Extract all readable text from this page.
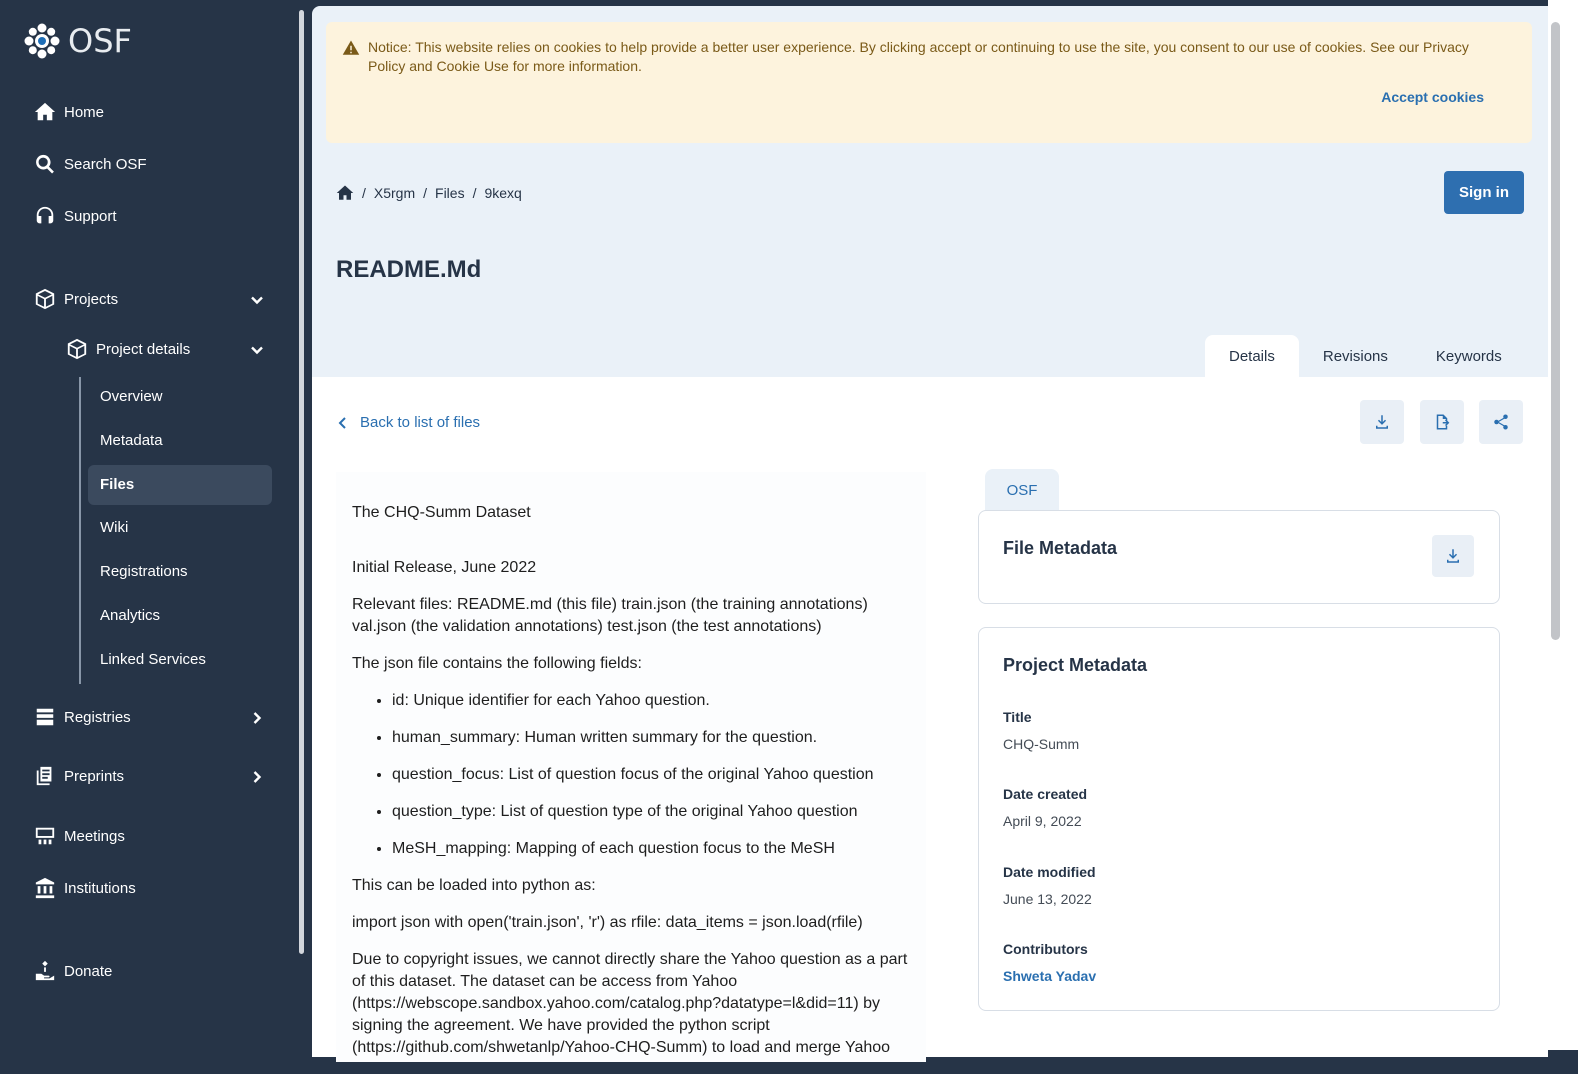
OSF
Home
Search OSF
Support
Projects
Project details
Overview
Metadata
Files
Wiki
Registrations
Analytics
Linked Services
Registries
Preprints
Meetings
Institutions
Donate
Notice: This website relies on cookies to help provide a better user experience. By clicking accept or continuing to use the site, you consent to our use of cookies. See our Privacy Policy and Cookie Use for more information.
Accept cookies
/ X5rgm / Files / 9kexq	Sign in
README.Md
Details	Revisions	Keywords
Back to list of files

The CHQ-Summ Dataset

Initial Release, June 2022

Relevant files: README.md (this file) train.json (the training annotations) val.json (the validation annotations) test.json (the test annotations)

The json file contains the following fields:

• id: Unique identifier for each Yahoo question.
• human_summary: Human written summary for the question.
• question_focus: List of question focus of the original Yahoo question
• question_type: List of question type of the original Yahoo question
• MeSH_mapping: Mapping of each question focus to the MeSH

This can be loaded into python as:

import json with open('train.json', 'r') as rfile: data_items = json.load(rfile)

Due to copyright issues, we cannot directly share the Yahoo question as a part of this dataset. The dataset can be access from Yahoo (https://webscope.sandbox.yahoo.com/catalog.php?datatype=l&did=11) by signing the agreement. We have provided the python script (https://github.com/shwetanlp/Yahoo-CHQ-Summ) to load and merge Yahoo

OSF
File Metadata
Project Metadata
Title
CHQ-Summ
Date created
April 9, 2022
Date modified
June 13, 2022
Contributors
Shweta Yadav
